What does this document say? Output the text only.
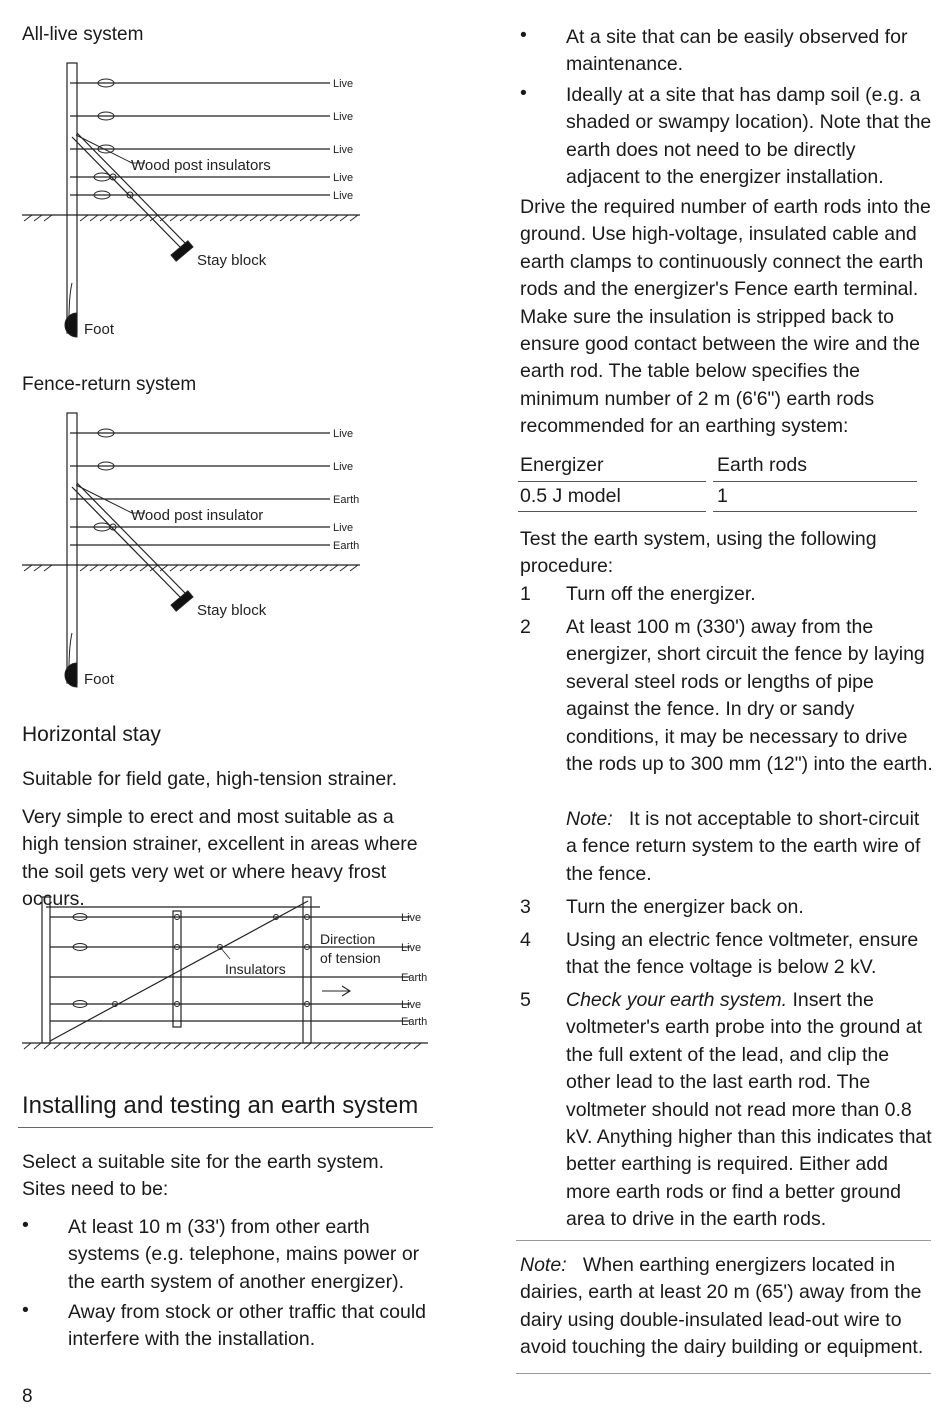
All-live system
Live
Live
Live
Live
Live
Wood post insulators
Stay block
Foot
Fence-return system
Live
Live
Earth
Live
Earth
Wood post insulator
Stay block
Foot
Horizontal stay
Suitable for field gate, high-tension strainer.
Very simple to erect and most suitable as a high tension strainer, excellent in areas where the soil gets very wet or where heavy frost occurs.
Live
Live
Earth
Live
Earth
Direction
of tension
Insulators
Installing and testing an earth system
Select a suitable site for the earth system. Sites need to be:
• At least 10 m (33') from other earth systems (e.g. telephone, mains power or the earth system of another energizer).
• Away from stock or other traffic that could interfere with the installation.
8
• At a site that can be easily observed for maintenance.
• Ideally at a site that has damp soil (e.g. a shaded or swampy location). Note that the earth does not need to be directly adjacent to the energizer installation.
Drive the required number of earth rods into the ground. Use high-voltage, insulated cable and earth clamps to continuously connect the earth rods and the energizer's Fence earth terminal. Make sure the insulation is stripped back to ensure good contact between the wire and the earth rod. The table below specifies the minimum number of 2 m (6'6") earth rods recommended for an earthing system:
Energizer	Earth rods
0.5 J model	1
Test the earth system, using the following procedure:
1 Turn off the energizer.
2 At least 100 m (330') away from the energizer, short circuit the fence by laying several steel rods or lengths of pipe against the fence. In dry or sandy conditions, it may be necessary to drive the rods up to 300 mm (12") into the earth.
Note: It is not acceptable to short-circuit a fence return system to the earth wire of the fence.
3 Turn the energizer back on.
4 Using an electric fence voltmeter, ensure that the fence voltage is below 2 kV.
5 Check your earth system. Insert the voltmeter's earth probe into the ground at the full extent of the lead, and clip the other lead to the last earth rod. The voltmeter should not read more than 0.8 kV. Anything higher than this indicates that better earthing is required. Either add more earth rods or find a better ground area to drive in the earth rods.
Note: When earthing energizers located in dairies, earth at least 20 m (65') away from the dairy using double-insulated lead-out wire to avoid touching the dairy building or equipment.
